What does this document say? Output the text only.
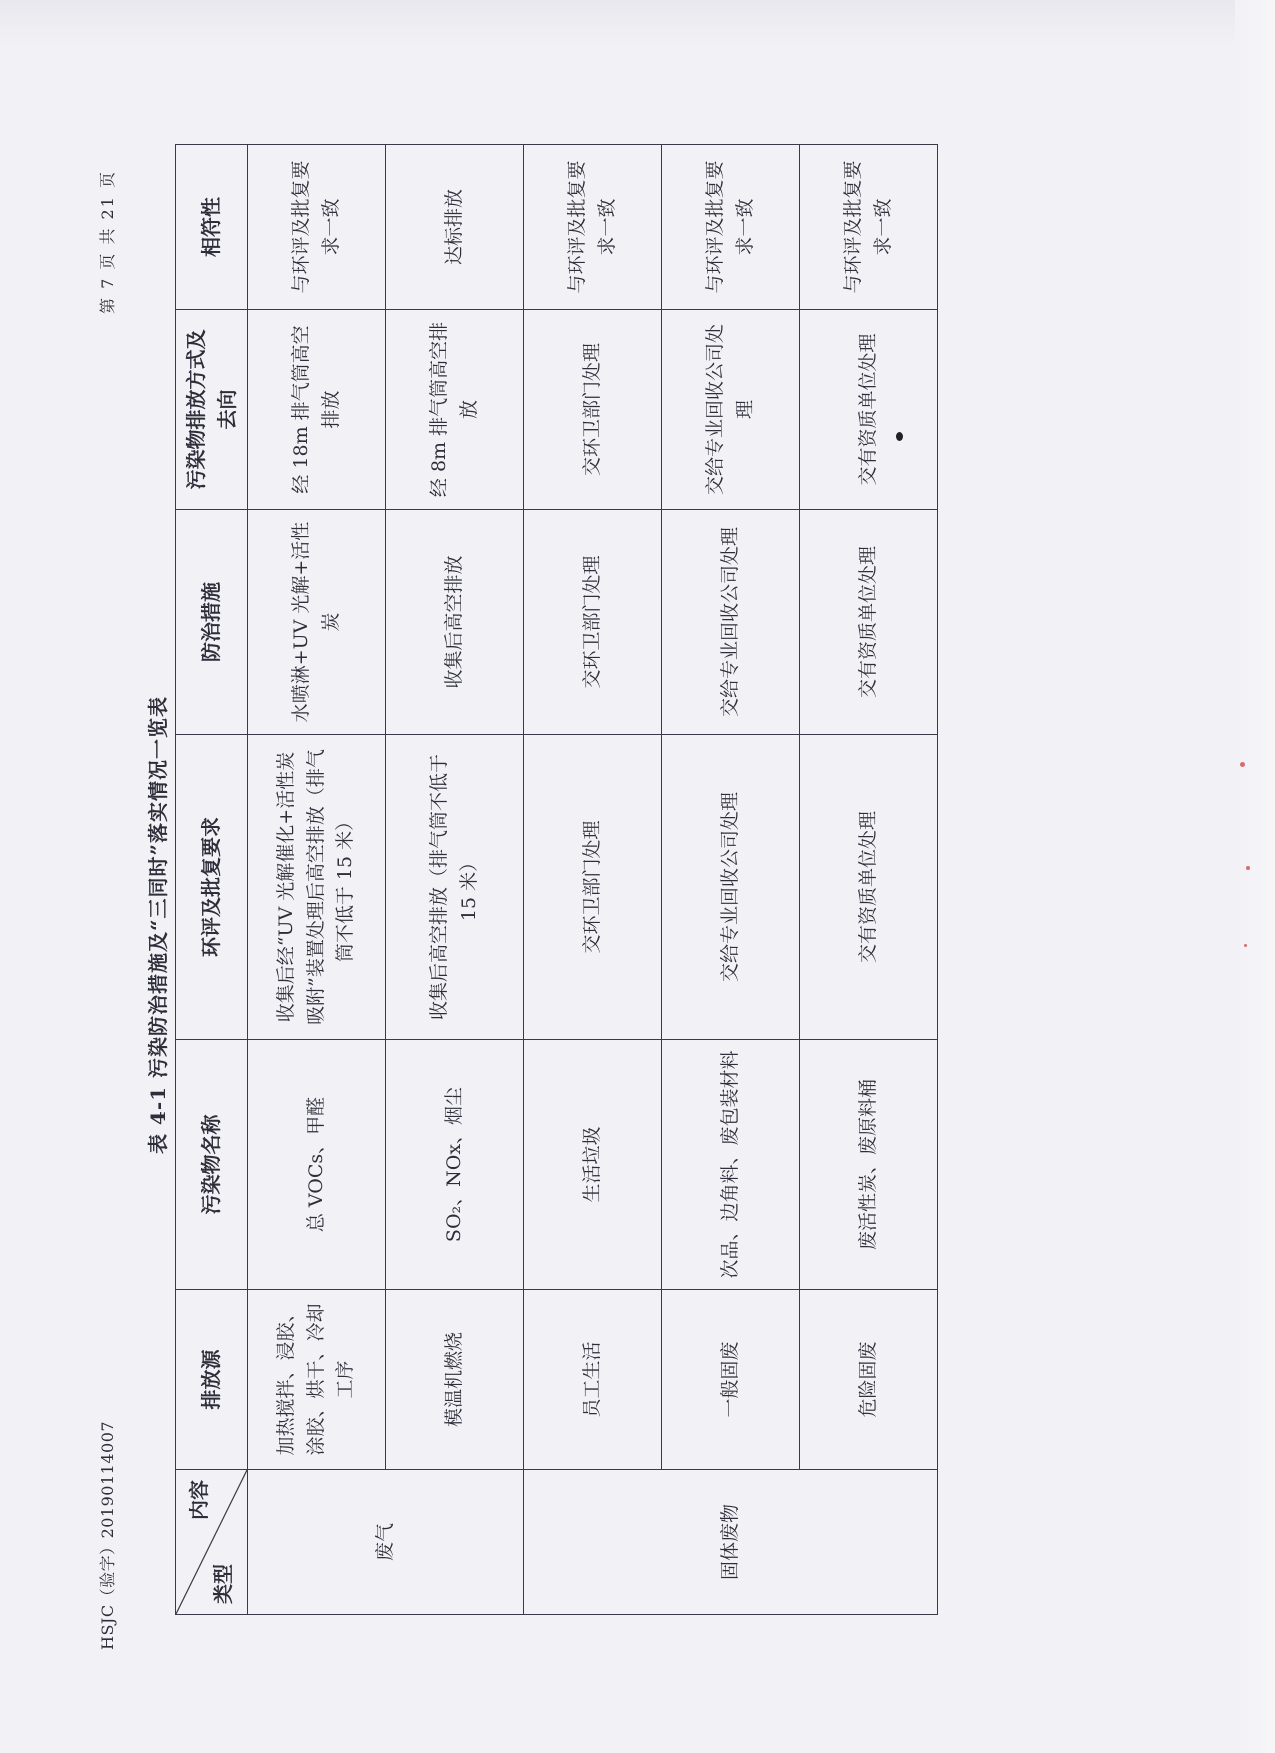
HSJC（验字）20190114007
第 7 页 共 21 页
表 4-1 污染防治措施及“三同时”落实情况一览表
内容
类型	排放源	污染物名称	环评及批复要求	防治措施	污染物排放方式及去向	相符性
废气	加热搅拌、浸胶、涂胶、烘干、冷却工序	总 VOCs、甲醛	收集后经“UV 光解催化+活性炭吸附”装置处理后高空排放（排气筒不低于 15 米）	水喷淋+UV 光解+活性炭	经 18m 排气筒高空排放	与环评及批复要求一致
	模温机燃烧	SO₂、NOx、烟尘	收集后高空排放（排气筒不低于 15 米）	收集后高空排放	经 8m 排气筒高空排放	达标排放
固体废物	员工生活	生活垃圾	交环卫部门处理	交环卫部门处理	交环卫部门处理	与环评及批复要求一致
	一般固废	次品、边角料、废包装材料	交给专业回收公司处理	交给专业回收公司处理	交给专业回收公司处理	与环评及批复要求一致
	危险固废	废活性炭、废原料桶	交有资质单位处理	交有资质单位处理	交有资质单位处理	与环评及批复要求一致
